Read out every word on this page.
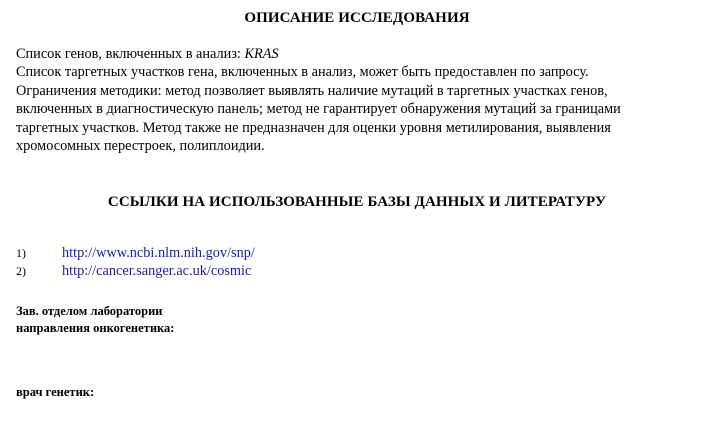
ОПИСАНИЕ ИССЛЕДОВАНИЯ
Список генов, включенных в анализ: KRAS
Список таргетных участков гена, включенных в анализ, может быть предоставлен по запросу.
Ограничения методики: метод позволяет выявлять наличие мутаций в таргетных участках генов,
включенных в диагностическую панель; метод не гарантирует обнаружения мутаций за границами
таргетных участков. Метод также не предназначен для оценки уровня метилирования, выявления
хромосомных перестроек, полиплоидии.
ССЫЛКИ НА ИСПОЛЬЗОВАННЫЕ БАЗЫ ДАННЫХ И ЛИТЕРАТУРУ
1)	http://www.ncbi.nlm.nih.gov/snp/
2)	http://cancer.sanger.ac.uk/cosmic
Зав. отделом лаборатории
направления онкогенетика:
врач генетик:
